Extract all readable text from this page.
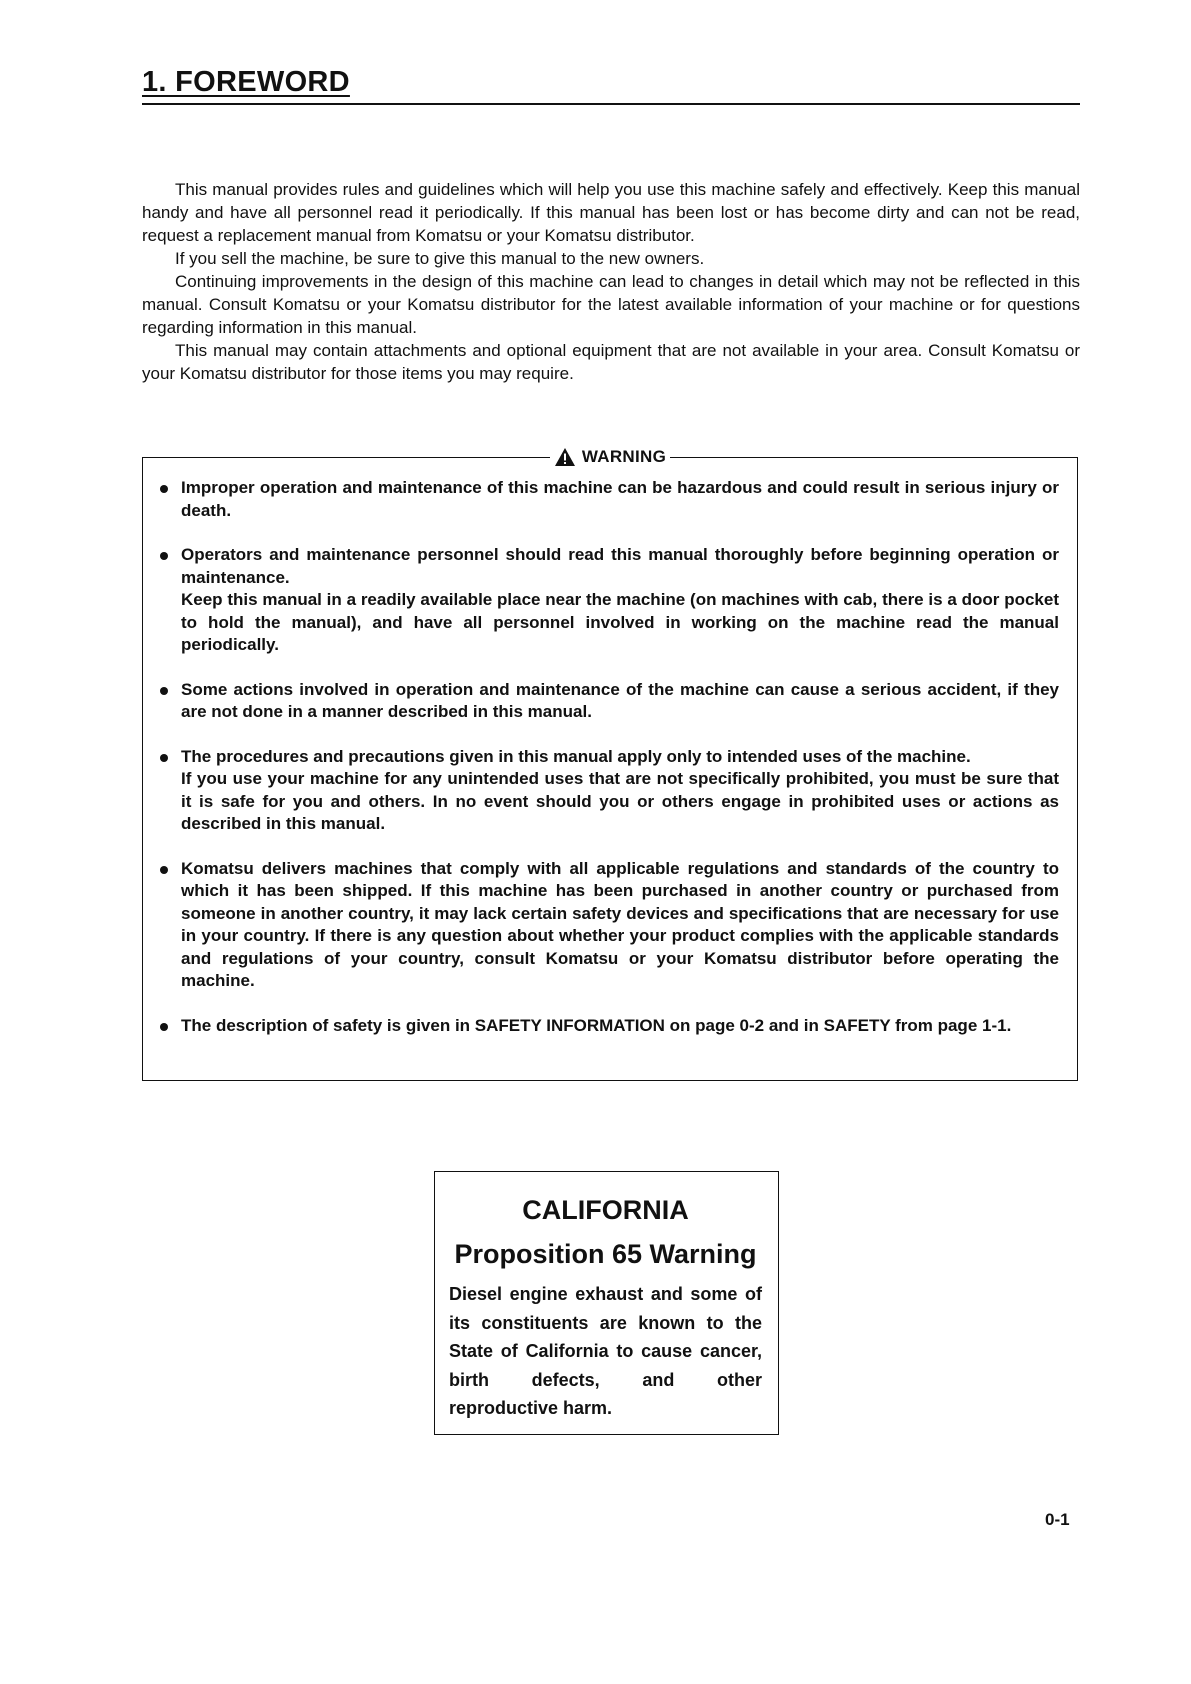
1. FOREWORD

This manual provides rules and guidelines which will help you use this machine safely and effectively. Keep this manual handy and have all personnel read it periodically. If this manual has been lost or has become dirty and can not be read, request a replacement manual from Komatsu or your Komatsu distributor.

If you sell the machine, be sure to give this manual to the new owners.

Continuing improvements in the design of this machine can lead to changes in detail which may not be reflected in this manual. Consult Komatsu or your Komatsu distributor for the latest available information of your machine or for questions regarding information in this manual.

This manual may contain attachments and optional equipment that are not available in your area. Consult Komatsu or your Komatsu distributor for those items you may require.

WARNING
Improper operation and maintenance of this machine can be hazardous and could result in serious injury or death.
Operators and maintenance personnel should read this manual thoroughly before beginning operation or maintenance.
Keep this manual in a readily available place near the machine (on machines with cab, there is a door pocket to hold the manual), and have all personnel involved in working on the machine read the manual periodically.
Some actions involved in operation and maintenance of the machine can cause a serious accident, if they are not done in a manner described in this manual.
The procedures and precautions given in this manual apply only to intended uses of the machine.
If you use your machine for any unintended uses that are not specifically prohibited, you must be sure that it is safe for you and others. In no event should you or others engage in prohibited uses or actions as described in this manual.
Komatsu delivers machines that comply with all applicable regulations and standards of the country to which it has been shipped. If this machine has been purchased in another country or purchased from someone in another country, it may lack certain safety devices and specifications that are necessary for use in your country. If there is any question about whether your product complies with the applicable standards and regulations of your country, consult Komatsu or your Komatsu distributor before operating the machine.
The description of safety is given in SAFETY INFORMATION on page 0-2 and in SAFETY from page 1-1.

CALIFORNIA

Proposition 65 Warning

Diesel engine exhaust and some of its constituents are known to the State of California to cause cancer, birth defects, and other reproductive harm.

0-1
